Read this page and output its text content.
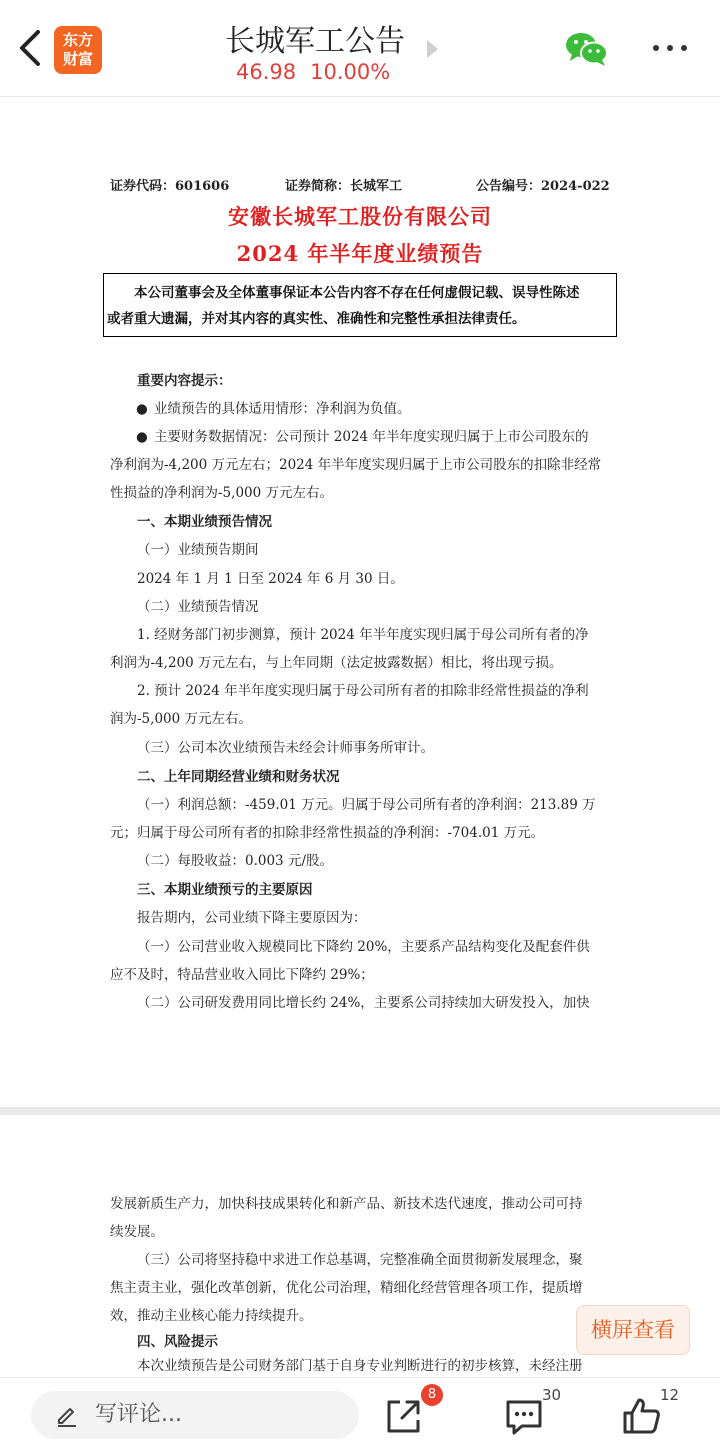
东方
财富	长城军工公告
46.98 10.00%
证券代码：601606	证券简称：长城军工	公告编号：2024-022
安徽长城军工股份有限公司
2024 年半年度业绩预告
本公司董事会及全体董事保证本公告内容不存在任何虚假记载、误导性陈述
或者重大遗漏，并对其内容的真实性、准确性和完整性承担法律责任。
重要内容提示：
● 业绩预告的具体适用情形：净利润为负值。
● 主要财务数据情况：公司预计 2024 年半年度实现归属于上市公司股东的
净利润为-4,200 万元左右；2024 年半年度实现归属于上市公司股东的扣除非经常
性损益的净利润为-5,000 万元左右。
一、本期业绩预告情况
（一）业绩预告期间
2024 年 1 月 1 日至 2024 年 6 月 30 日。
（二）业绩预告情况
1. 经财务部门初步测算，预计 2024 年半年度实现归属于母公司所有者的净
利润为-4,200 万元左右，与上年同期（法定披露数据）相比，将出现亏损。
2. 预计 2024 年半年度实现归属于母公司所有者的扣除非经常性损益的净利
润为-5,000 万元左右。
（三）公司本次业绩预告未经会计师事务所审计。
二、上年同期经营业绩和财务状况
（一）利润总额：-459.01 万元。归属于母公司所有者的净利润：213.89 万
元；归属于母公司所有者的扣除非经常性损益的净利润：-704.01 万元。
（二）每股收益：0.003 元/股。
三、本期业绩预亏的主要原因
报告期内，公司业绩下降主要原因为：
（一）公司营业收入规模同比下降约 20%，主要系产品结构变化及配套件供
应不及时，特品营业收入同比下降约 29%；
（二）公司研发费用同比增长约 24%，主要系公司持续加大研发投入，加快
发展新质生产力，加快科技成果转化和新产品、新技术迭代速度，推动公司可持
续发展。
（三）公司将坚持稳中求进工作总基调，完整准确全面贯彻新发展理念，聚
焦主责主业，强化改革创新，优化公司治理，精细化经营管理各项工作，提质增
效，推动主业核心能力持续提升。
四、风险提示
本次业绩预告是公司财务部门基于自身专业判断进行的初步核算，未经注册
横屏查看
写评论...
8	30	12
